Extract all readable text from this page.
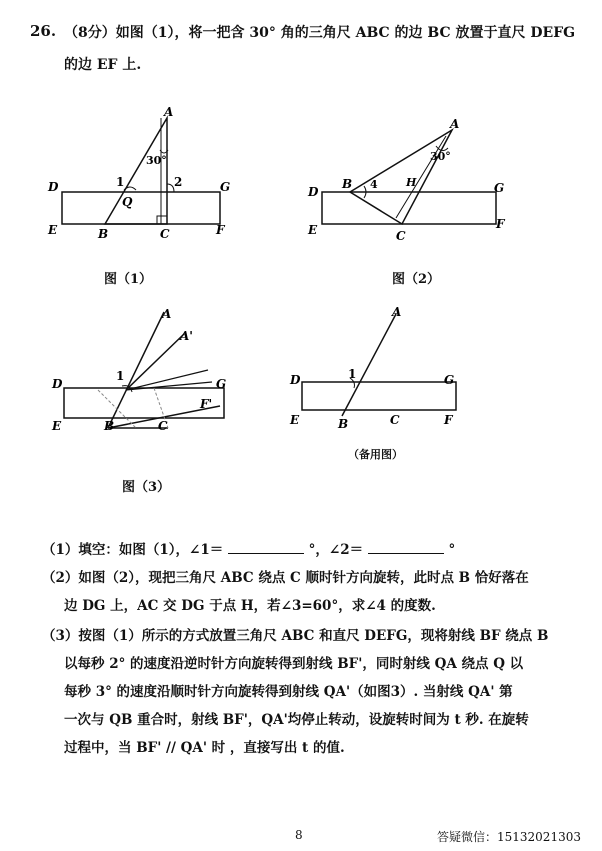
26. （8分）如图（1），将一把含 30° 角的三角尺 ABC 的边 BC 放置于直尺 DEFG
的边 EF 上.
A
30°
D	G
1	2
Q
E	F
B	C
图（1）
A
30°
B 4	H
D	G
E	F
C
图（2）
A
A'
D
1
G
F'
E	B	C
图（3）
A
D	1	G
E	B	C	F
（备用图）
（1）填空：如图（1），∠1＝	°，∠2＝	°
（2）如图（2），现把三角尺 ABC 绕点 C 顺时针方向旋转，此时点 B 恰好落在
边 DG 上，AC 交 DG 于点 H，若∠3=60°，求∠4 的度数.
（3）按图（1）所示的方式放置三角尺 ABC 和直尺 DEFG，现将射线 BF 绕点 B
以每秒 2° 的速度沿逆时针方向旋转得到射线 BF'，同时射线 QA 绕点 Q 以
每秒 3° 的速度沿顺时针方向旋转得到射线 QA'（如图3）. 当射线 QA' 第
一次与 QB 重合时，射线 BF'，QA'均停止转动，设旋转时间为 t 秒. 在旋转
过程中，当 BF' // QA' 时 ，直接写出 t 的值.
8	答疑微信：15132021303
